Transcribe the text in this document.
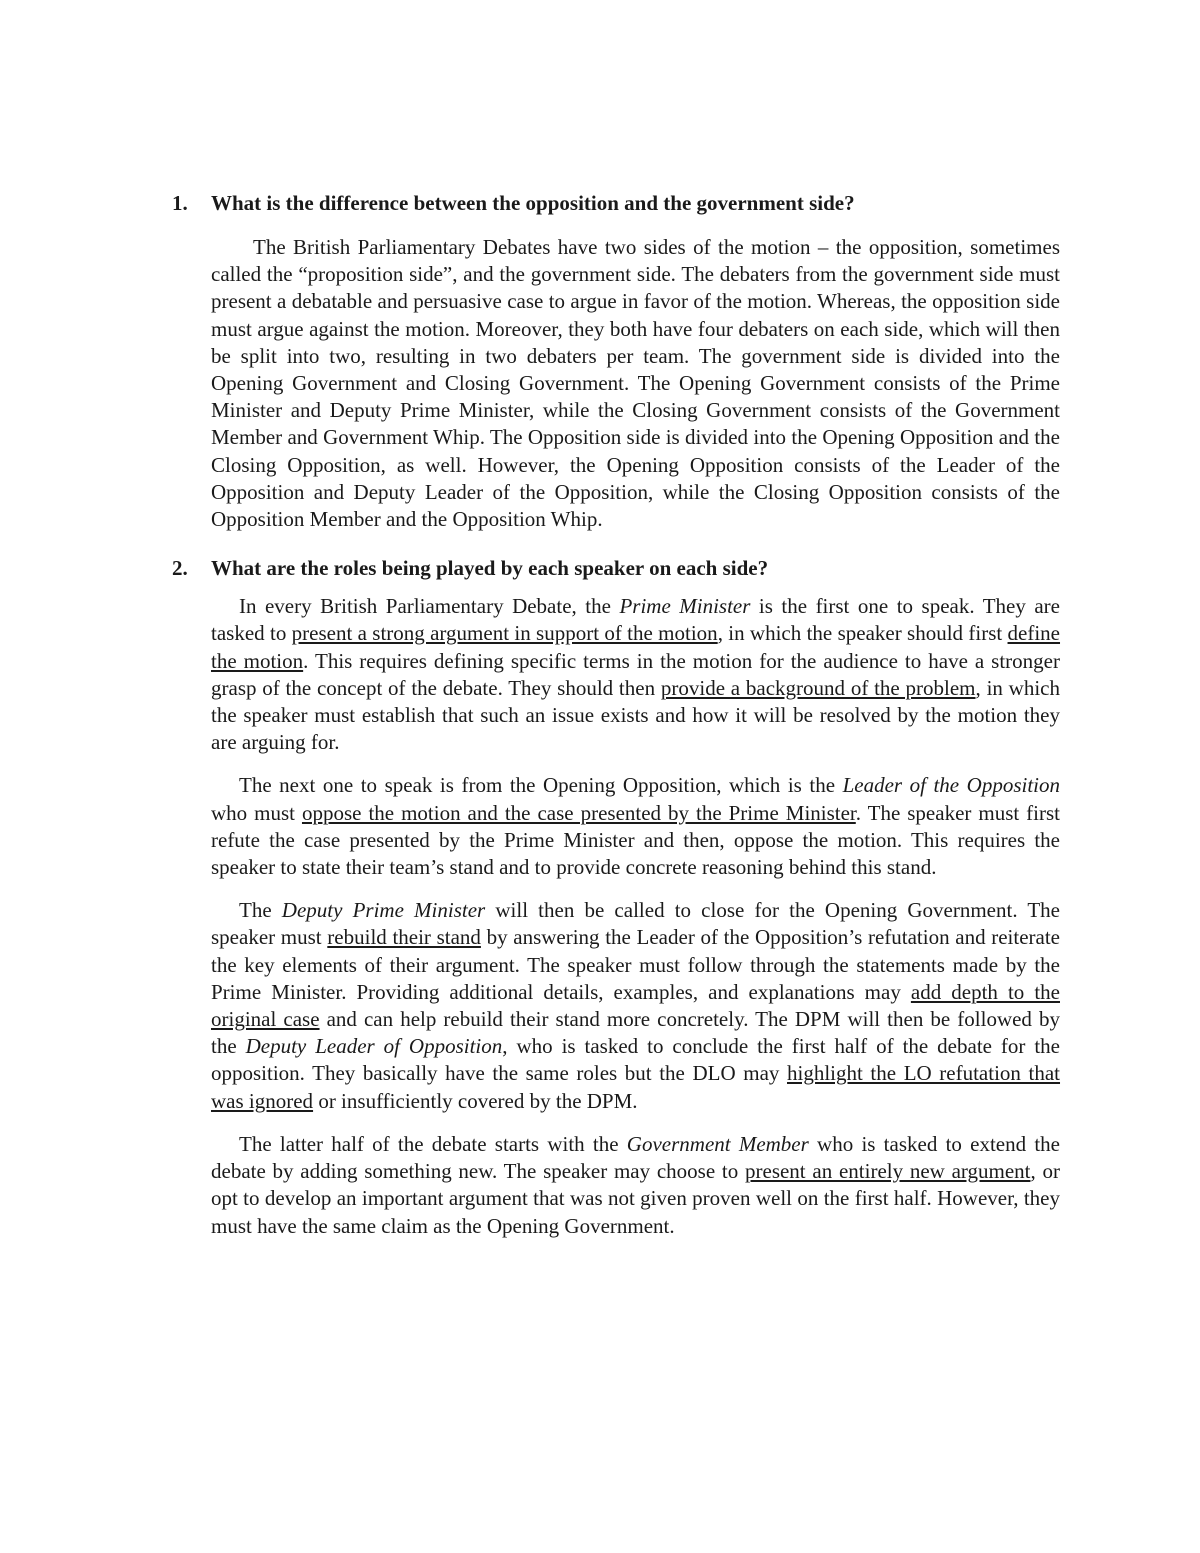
1.	What is the difference between the opposition and the government side?

The British Parliamentary Debates have two sides of the motion – the opposition, sometimes called the “proposition side”, and the government side. The debaters from the government side must present a debatable and persuasive case to argue in favor of the motion. Whereas, the opposition side must argue against the motion. Moreover, they both have four debaters on each side, which will then be split into two, resulting in two debaters per team. The government side is divided into the Opening Government and Closing Government. The Opening Government consists of the Prime Minister and Deputy Prime Minister, while the Closing Government consists of the Government Member and Government Whip. The Opposition side is divided into the Opening Opposition and the Closing Opposition, as well. However, the Opening Opposition consists of the Leader of the Opposition and Deputy Leader of the Opposition, while the Closing Opposition consists of the Opposition Member and the Opposition Whip.

2.	What are the roles being played by each speaker on each side?

In every British Parliamentary Debate, the Prime Minister is the first one to speak. They are tasked to present a strong argument in support of the motion, in which the speaker should first define the motion. This requires defining specific terms in the motion for the audience to have a stronger grasp of the concept of the debate. They should then provide a background of the problem, in which the speaker must establish that such an issue exists and how it will be resolved by the motion they are arguing for.

The next one to speak is from the Opening Opposition, which is the Leader of the Opposition who must oppose the motion and the case presented by the Prime Minister. The speaker must first refute the case presented by the Prime Minister and then, oppose the motion. This requires the speaker to state their team’s stand and to provide concrete reasoning behind this stand.

The Deputy Prime Minister will then be called to close for the Opening Government. The speaker must rebuild their stand by answering the Leader of the Opposition’s refutation and reiterate the key elements of their argument. The speaker must follow through the statements made by the Prime Minister. Providing additional details, examples, and explanations may add depth to the original case and can help rebuild their stand more concretely. The DPM will then be followed by the Deputy Leader of Opposition, who is tasked to conclude the first half of the debate for the opposition. They basically have the same roles but the DLO may highlight the LO refutation that was ignored or insufficiently covered by the DPM.

The latter half of the debate starts with the Government Member who is tasked to extend the debate by adding something new. The speaker may choose to present an entirely new argument, or opt to develop an important argument that was not given proven well on the first half. However, they must have the same claim as the Opening Government.
